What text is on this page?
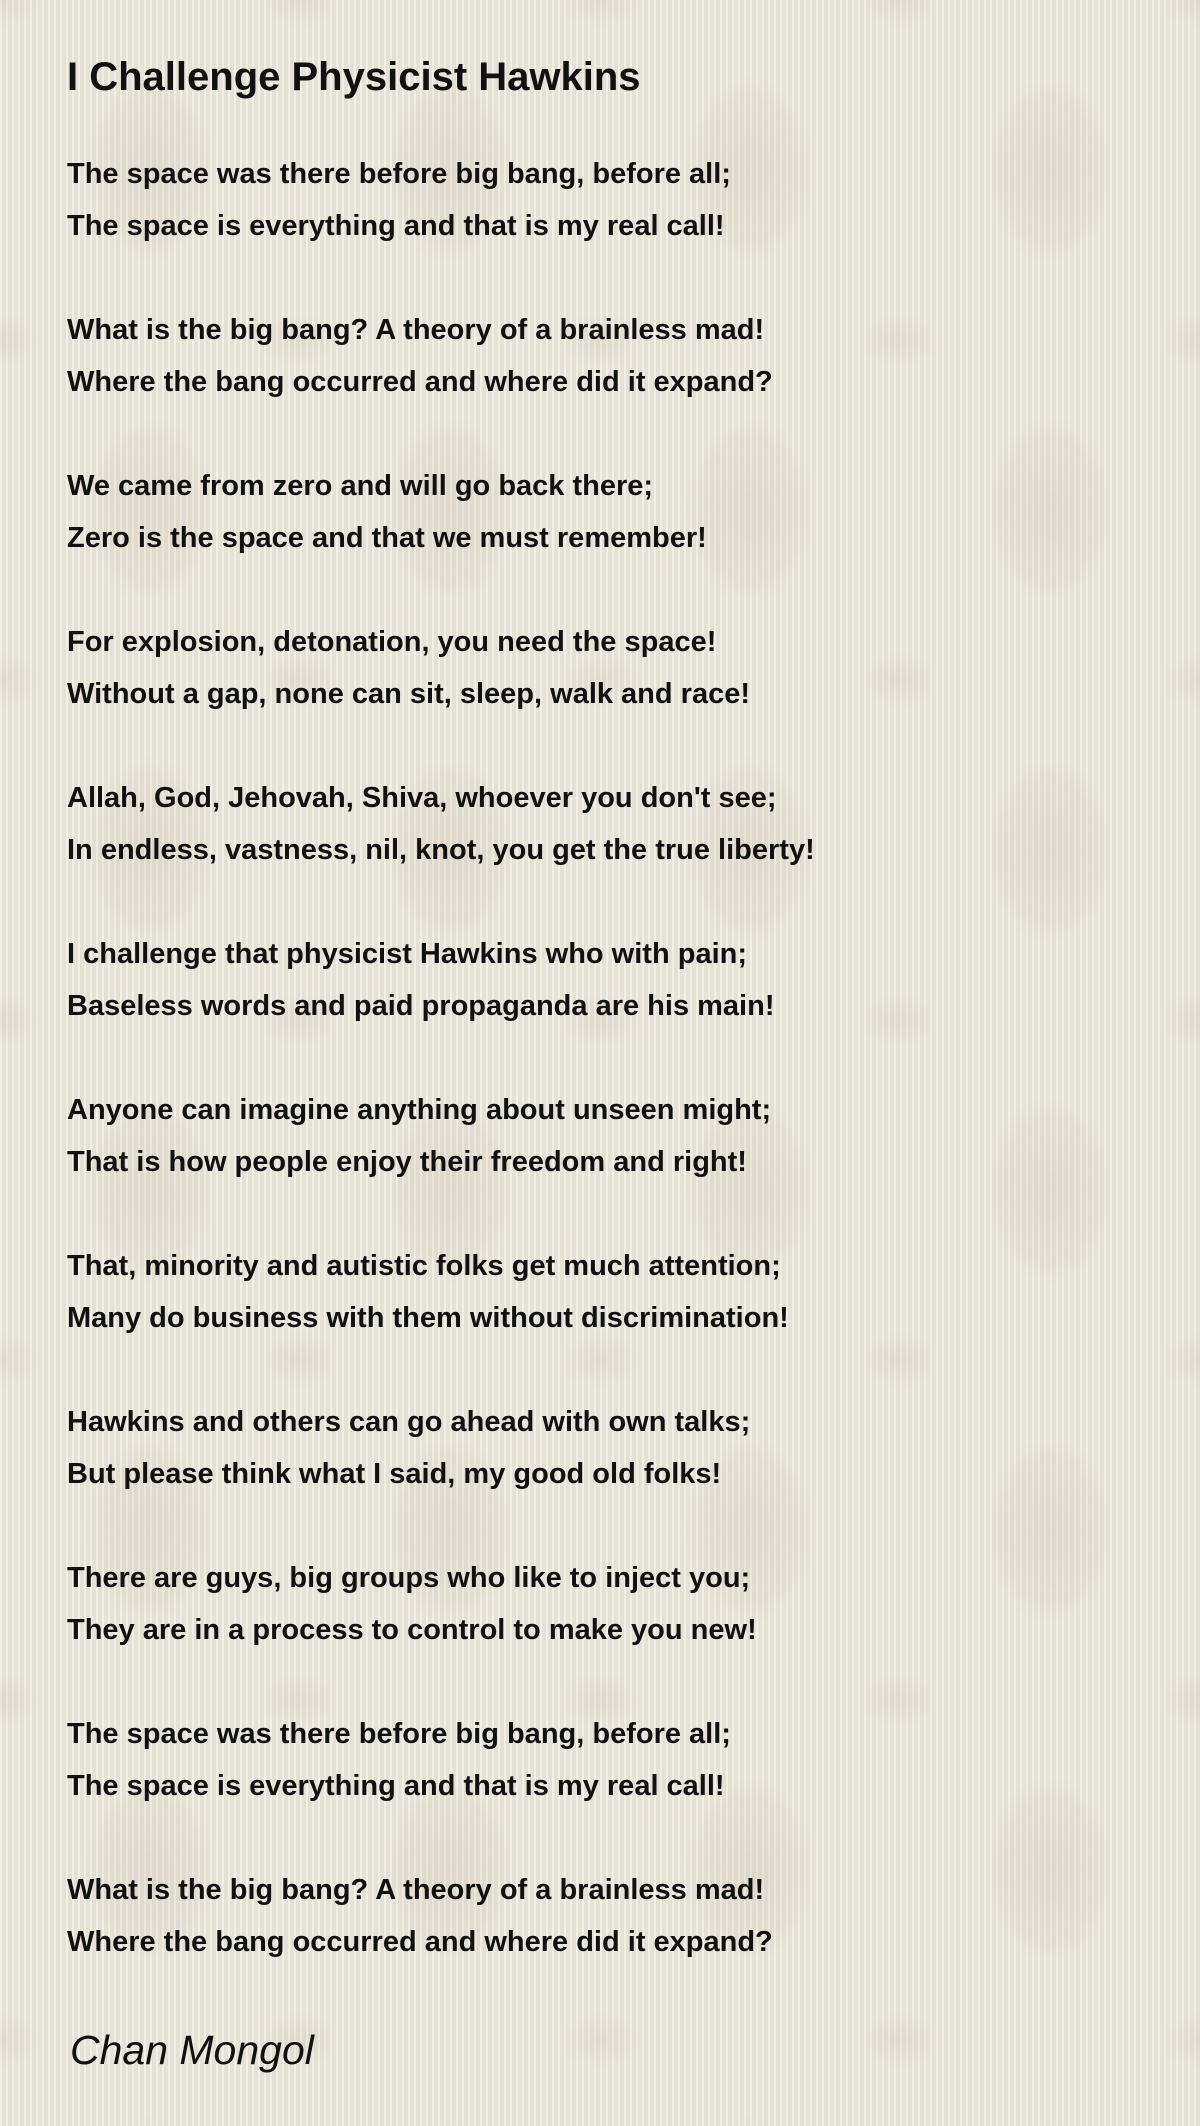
I Challenge Physicist Hawkins
The space was there before big bang, before all;
The space is everything and that is my real call!
What is the big bang? A theory of a brainless mad!
Where the bang occurred and where did it expand?
We came from zero and will go back there;
Zero is the space and that we must remember!
For explosion, detonation, you need the space!
Without a gap, none can sit, sleep, walk and race!
Allah, God, Jehovah, Shiva, whoever you don't see;
In endless, vastness, nil, knot, you get the true liberty!
I challenge that physicist Hawkins who with pain;
Baseless words and paid propaganda are his main!
Anyone can imagine anything about unseen might;
That is how people enjoy their freedom and right!
That, minority and autistic folks get much attention;
Many do business with them without discrimination!
Hawkins and others can go ahead with own talks;
But please think what I said, my good old folks!
There are guys, big groups who like to inject you;
They are in a process to control to make you new!
The space was there before big bang, before all;
The space is everything and that is my real call!
What is the big bang? A theory of a brainless mad!
Where the bang occurred and where did it expand?

Chan Mongol
